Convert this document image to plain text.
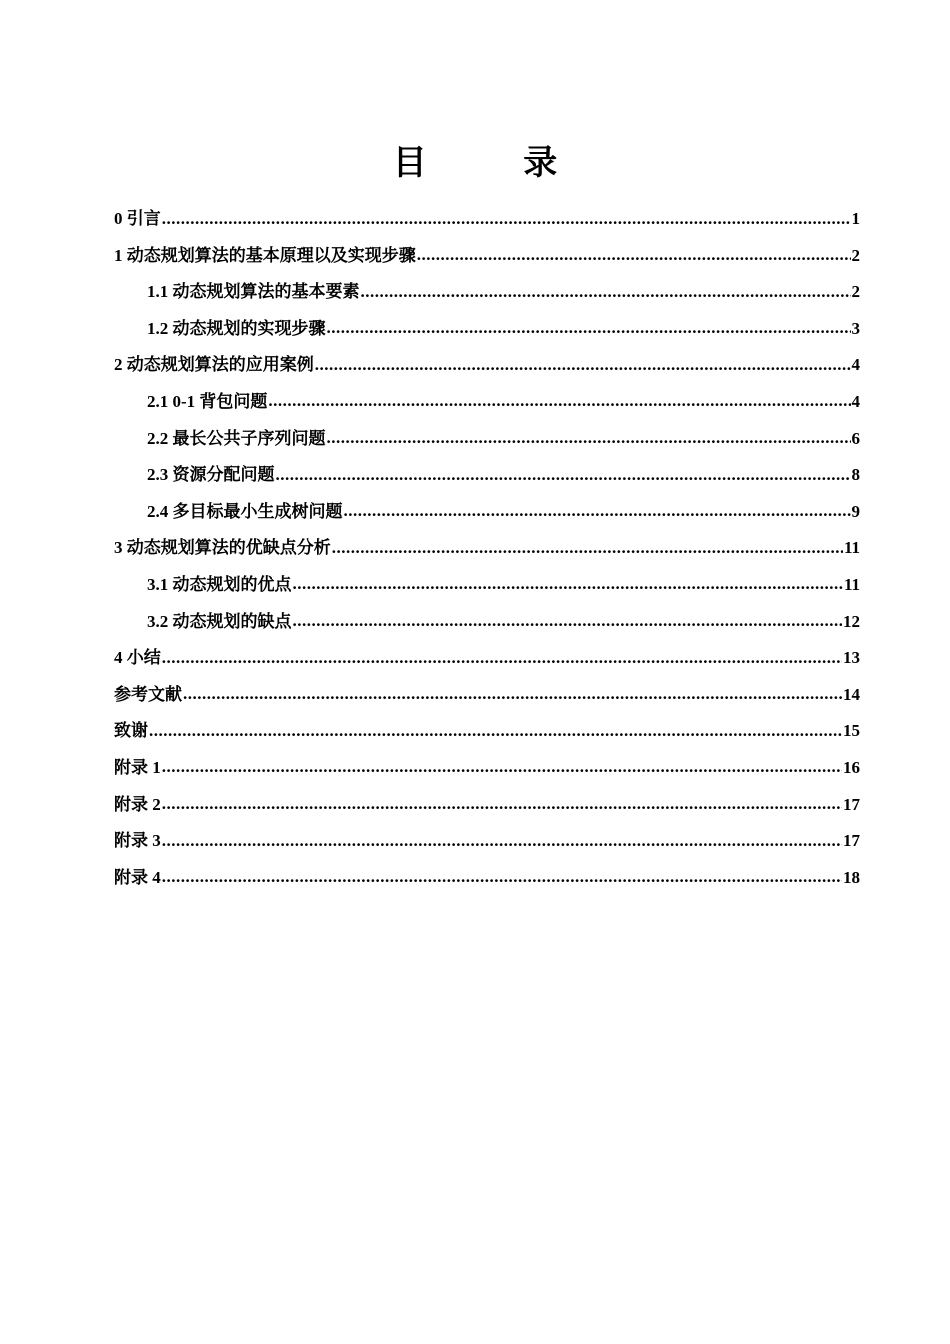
目 录
0 引言 .....	1
1 动态规划算法的基本原理以及实现步骤 .....	2
1.1 动态规划算法的基本要素 .....	2
1.2 动态规划的实现步骤 .....	3
2 动态规划算法的应用案例 .....	4
2.1 0-1 背包问题 .....	4
2.2 最长公共子序列问题 .....	6
2.3 资源分配问题 .....	8
2.4 多目标最小生成树问题 .....	9
3 动态规划算法的优缺点分析 .....	11
3.1 动态规划的优点 .....	11
3.2 动态规划的缺点 .....	12
4 小结 .....	13
参考文献 .....	14
致谢 .....	15
附录 1 .....	16
附录 2 .....	17
附录 3 .....	17
附录 4 .....	18
